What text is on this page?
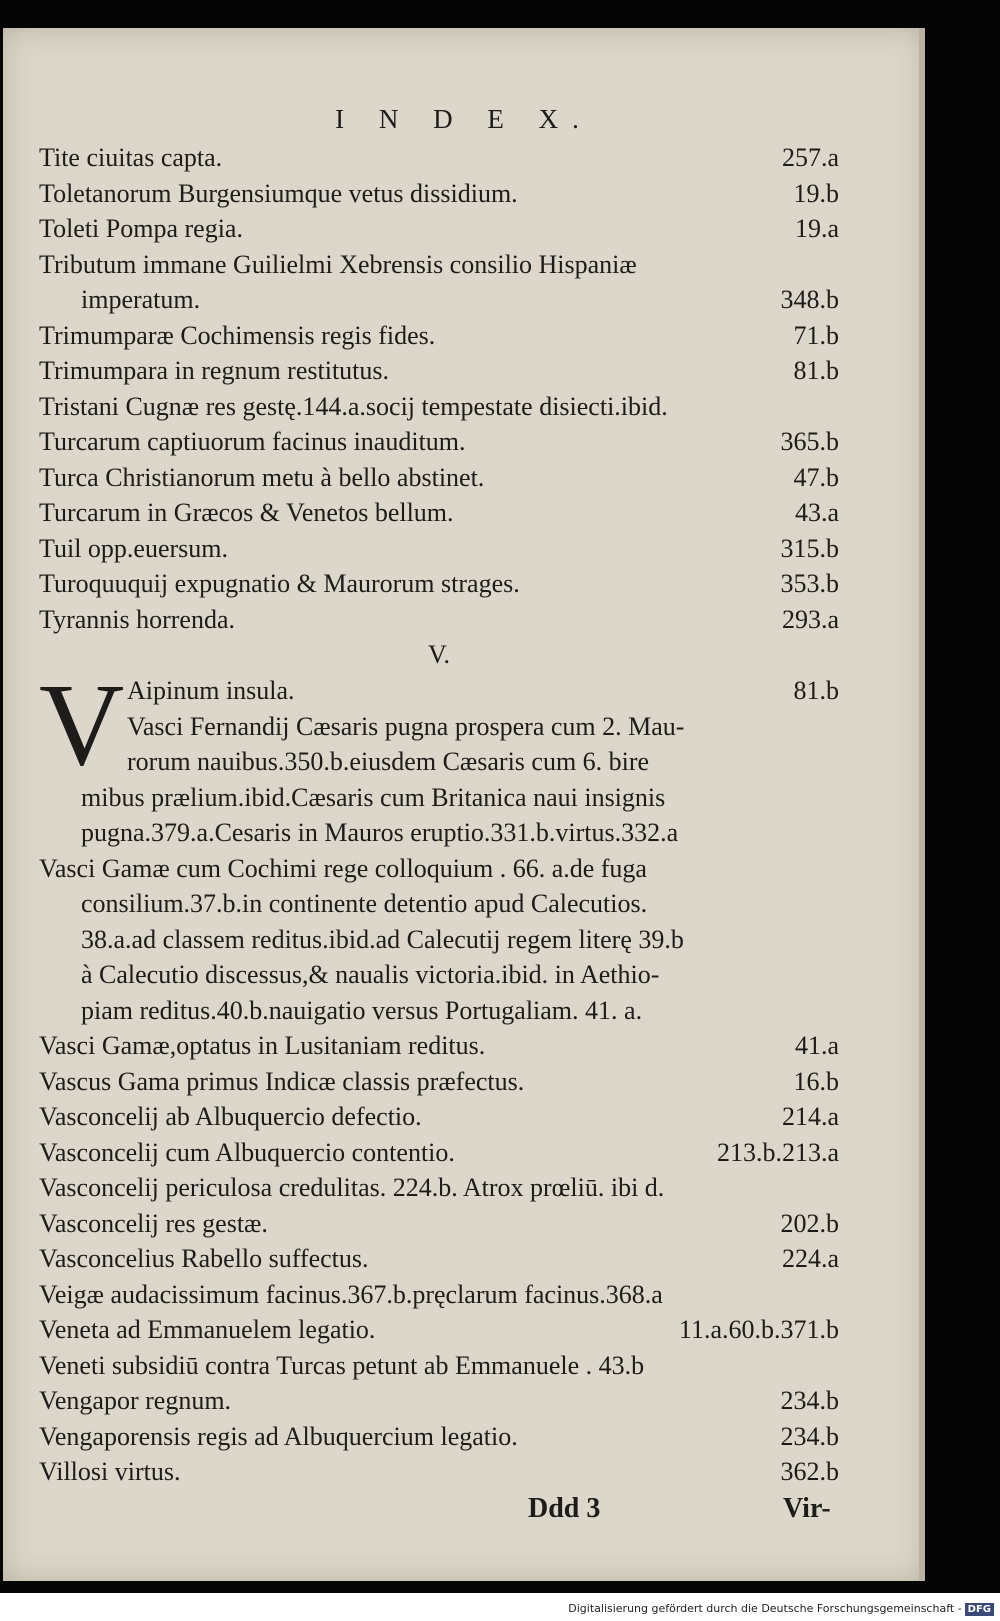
I N D E X.
Tite ciuitas capta.	257.a
Toletanorum Burgensiumque vetus dissidium.	19.b
Toleti Pompa regia.	19.a
Tributum immane Guilielmi Xebrensis consilio Hispaniæ
imperatum.	348.b
Trimumparæ Cochimensis regis fides.	71.b
Trimumpara in regnum restitutus.	81.b
Tristani Cugnæ res gestę.144.a.socij tempestate disiecti.ibid.
Turcarum captiuorum facinus inauditum.	365.b
Turca Christianorum metu à bello abstinet.	47.b
Turcarum in Græcos & Venetos bellum.	43.a
Tuil opp.euersum.	315.b
Turoquuquij expugnatio & Maurorum strages.	353.b
Tyrannis horrenda.	293.a
V.
V Aipinum insula.	81.b
Vasci Fernandij Cæsaris pugna prospera cum 2. Mau-
rorum nauibus.350.b.eiusdem Cæsaris cum 6. bire
mibus prælium.ibid.Cæsaris cum Britanica naui insignis
pugna.379.a.Cesaris in Mauros eruptio.331.b.virtus.332.a
Vasci Gamæ cum Cochimi rege colloquium . 66. a.de fuga
consilium.37.b.in continente detentio apud Calecutios.
38.a.ad classem reditus.ibid.ad Calecutij regem literę 39.b
à Calecutio discessus,& naualis victoria.ibid. in Aethio-
piam reditus.40.b.nauigatio versus Portugaliam. 41. a.
Vasci Gamæ,optatus in Lusitaniam reditus.	41.a
Vascus Gama primus Indicæ classis præfectus.	16.b
Vasconcelij ab Albuquercio defectio.	214.a
Vasconcelij cum Albuquercio contentio.	213.b.213.a
Vasconcelij periculosa credulitas. 224.b. Atrox prœliū. ibi d.
Vasconcelij res gestæ.	202.b
Vasconcelius Rabello suffectus.	224.a
Veigæ audacissimum facinus.367.b.pręclarum facinus.368.a
Veneta ad Emmanuelem legatio.	11.a.60.b.371.b
Veneti subsidiū contra Turcas petunt ab Emmanuele . 43.b
Vengapor regnum.	234.b
Vengaporensis regis ad Albuquercium legatio.	234.b
Villosi virtus.	362.b
Ddd 3	Vir-
Digitalisierung gefördert durch die Deutsche Forschungsgemeinschaft - DFG
